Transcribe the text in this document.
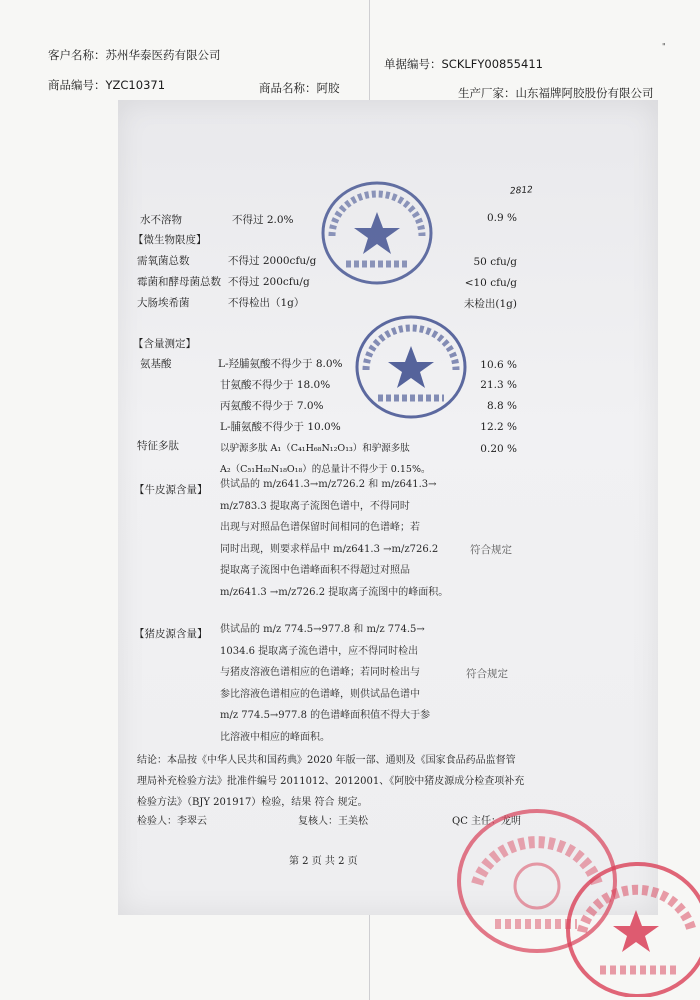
客户名称：苏州华泰医药有限公司
单据编号：SCKLFY00855411
商品编号：YZC10371	商品名称：阿胶	生产厂家：山东福牌阿胶股份有限公司
2812
水不溶物	不得过 2.0%	0.9 %
【微生物限度】
需氧菌总数	不得过 2000cfu/g	50 cfu/g
霉菌和酵母菌总数 不得过 200cfu/g	<10 cfu/g
大肠埃希菌	不得检出（1g）	未检出(1g)
【含量测定】
氨基酸	L-羟脯氨酸不得少于 8.0%	10.6 %
甘氨酸不得少于 18.0%	21.3 %
丙氨酸不得少于 7.0%	8.8 %
L-脯氨酸不得少于 10.0%	12.2 %
特征多肽	以驴源多肽 A₁（C₄₁H₆₈N₁₂O₁₃）和驴源多肽
A₂（C₅₁H₈₂N₁₈O₁₈）的总量计不得少于 0.15%。
0.20 %
【牛皮源含量】 供试品的 m/z641.3→m/z726.2 和 m/z641.3→
m/z783.3 提取离子流图色谱中，不得同时
出现与对照品色谱保留时间相同的色谱峰；若
同时出现，则要求样品中 m/z641.3 →m/z726.2
提取离子流图中色谱峰面积不得超过对照品
m/z641.3 →m/z726.2 提取离子流图中的峰面积。
符合规定
【猪皮源含量】 供试品的 m/z 774.5→977.8 和 m/z 774.5→
1034.6 提取离子流色谱中，应不得同时检出
与猪皮溶液色谱相应的色谱峰；若同时检出与
参比溶液色谱相应的色谱峰，则供试品色谱中
m/z 774.5→977.8 的色谱峰面积值不得大于参
比溶液中相应的峰面积。
符合规定
结论：本品按《中华人民共和国药典》2020 年版一部、通则及《国家食品药品监督管
理局补充检验方法》批准件编号 2011012、2012001、《阿胶中猪皮源成分检查项补充
检验方法》（BJY 201917）检验，结果 符合 规定。
检验人：李翠云	复核人：王美松	QC 主任：龙明
第 2 页 共 2 页
"
